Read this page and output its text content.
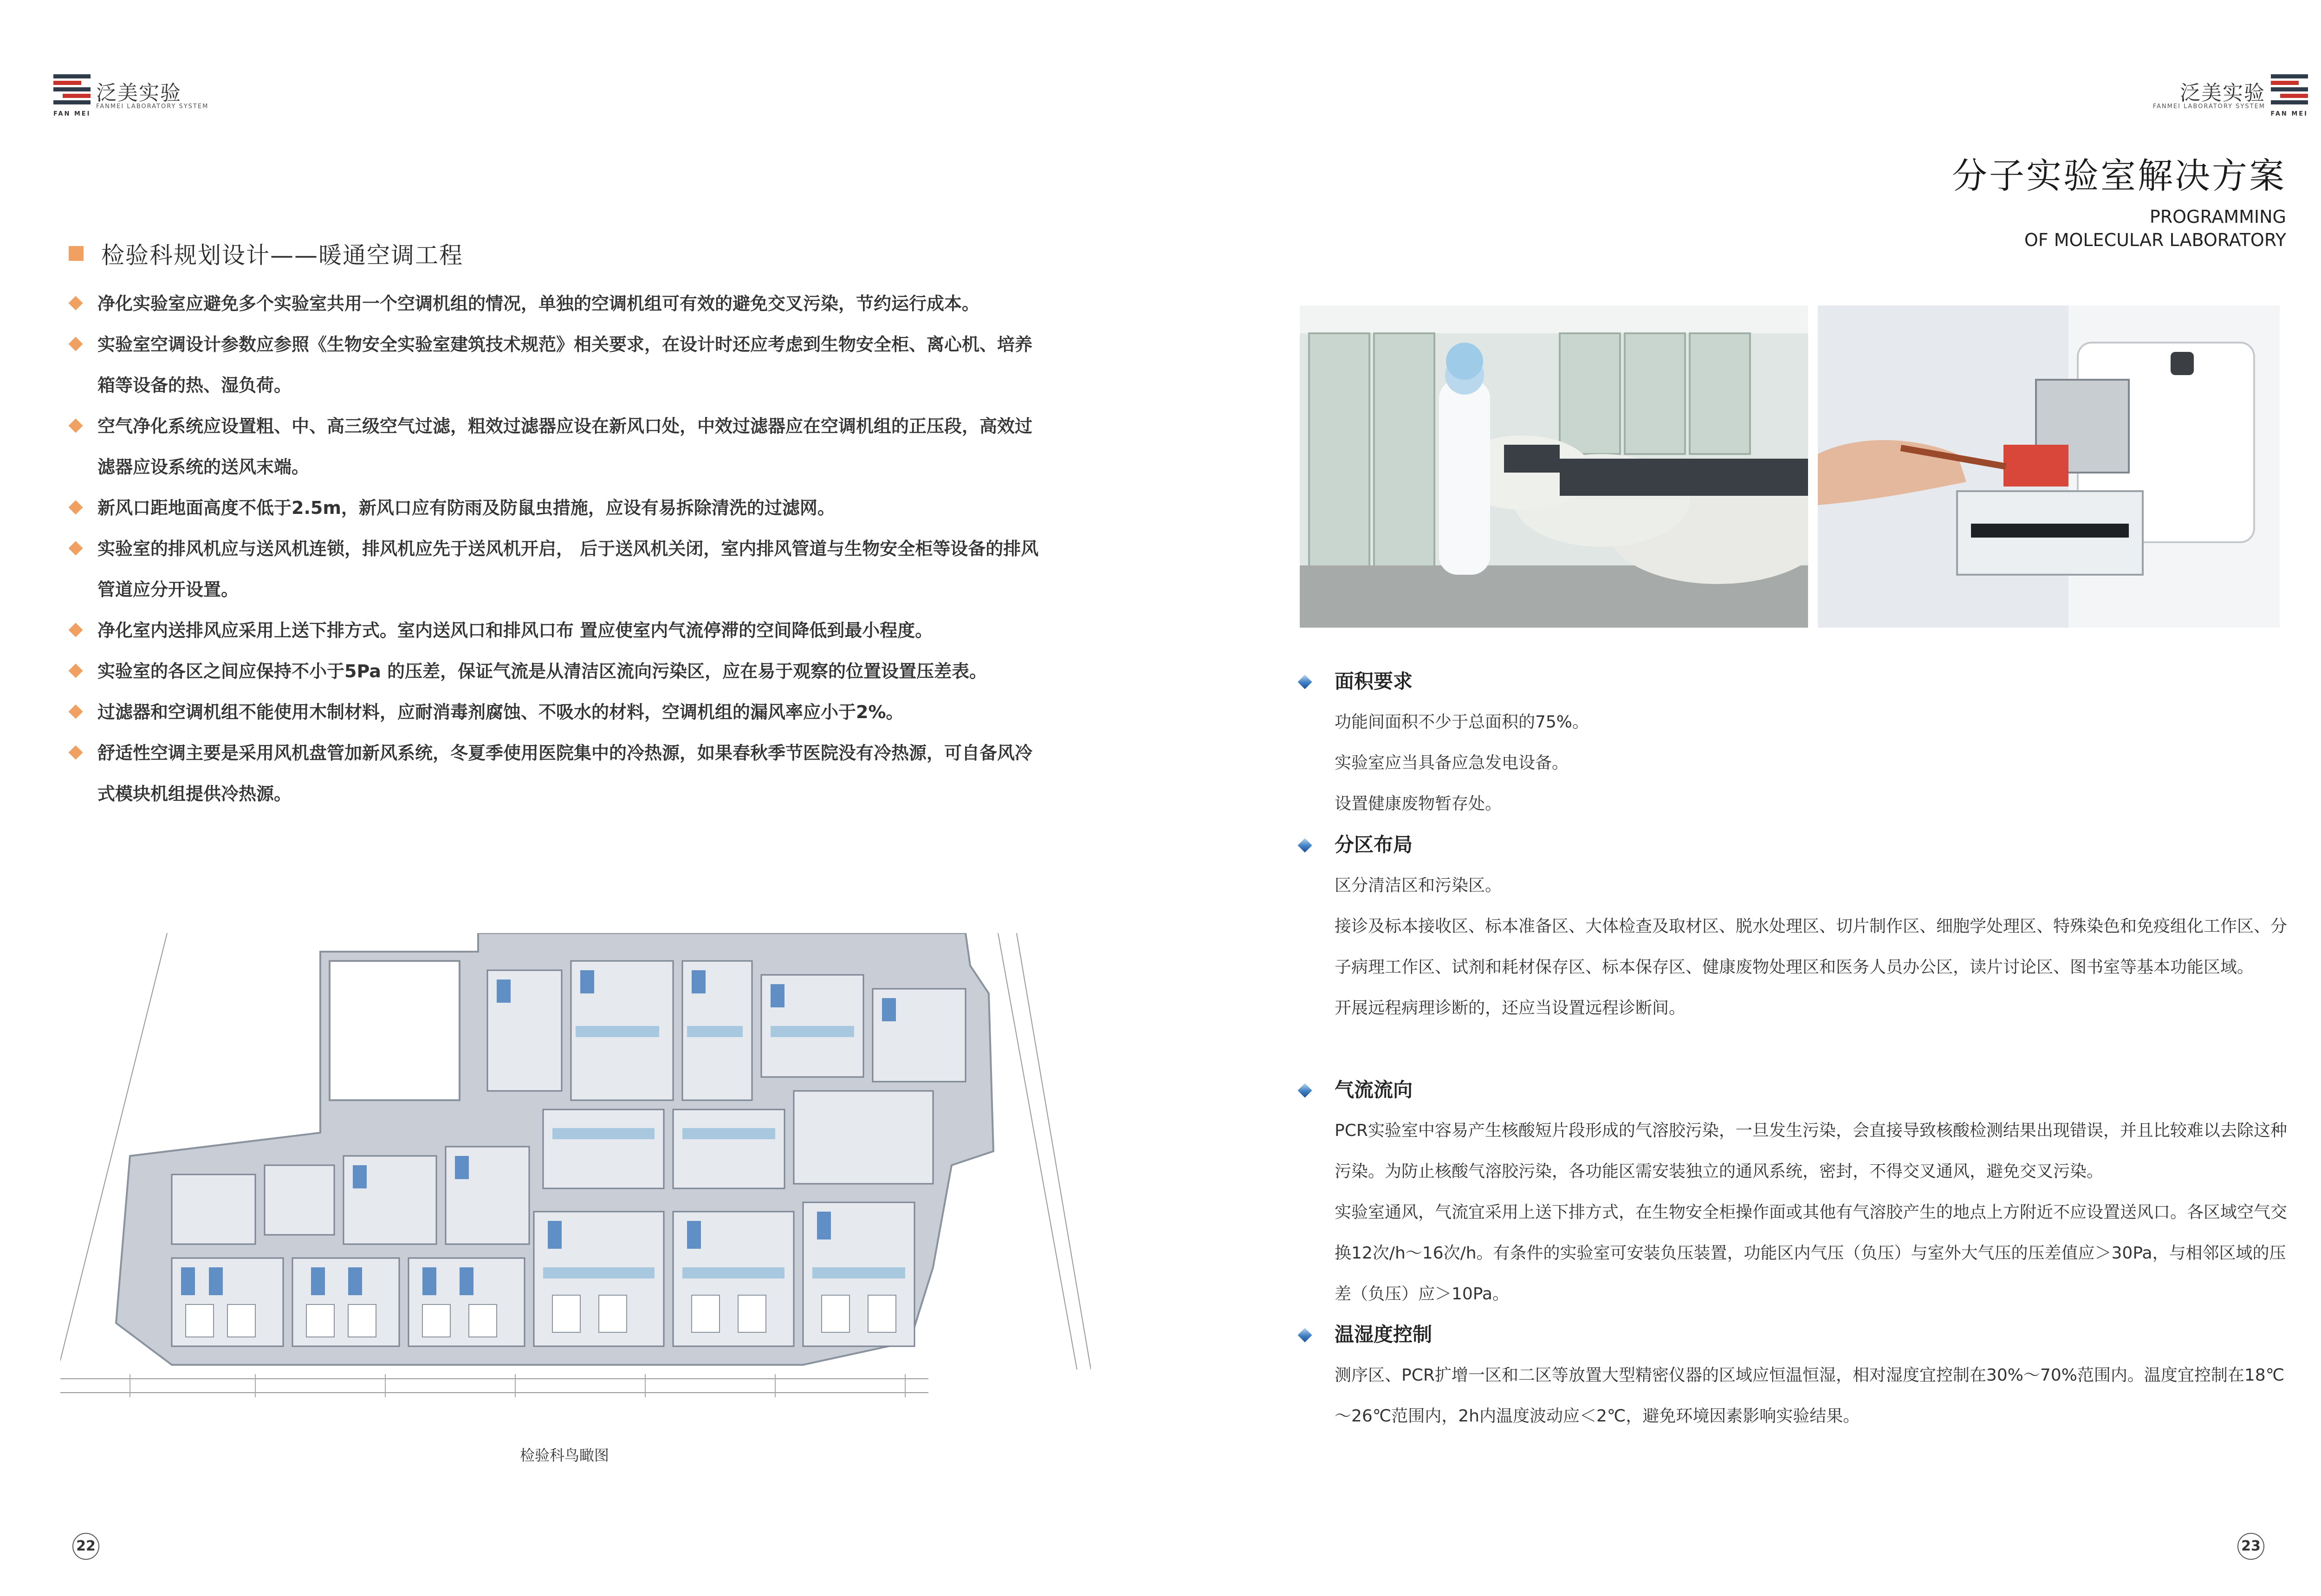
泛美实验
FANMEI LABORATORY SYSTEM
FAN MEI
检验科规划设计——暖通空调工程
净化实验室应避免多个实验室共用一个空调机组的情况，单独的空调机组可有效的避免交叉污染，节约运行成本。
实验室空调设计参数应参照《生物安全实验室建筑技术规范》相关要求，在设计时还应考虑到生物安全柜、离心机、培养箱等设备的热、湿负荷。
空气净化系统应设置粗、中、高三级空气过滤，粗效过滤器应设在新风口处，中效过滤器应在空调机组的正压段，高效过滤器应设系统的送风末端。
新风口距地面高度不低于2.5m，新风口应有防雨及防鼠虫措施，应设有易拆除清洗的过滤网。
实验室的排风机应与送风机连锁，排风机应先于送风机开启， 后于送风机关闭，室内排风管道与生物安全柜等设备的排风管道应分开设置。
净化室内送排风应采用上送下排方式。室内送风口和排风口布 置应使室内气流停滞的空间降低到最小程度。
实验室的各区之间应保持不小于5Pa 的压差，保证气流是从清洁区流向污染区，应在易于观察的位置设置压差表。
过滤器和空调机组不能使用木制材料，应耐消毒剂腐蚀、不吸水的材料，空调机组的漏风率应小于2%。
舒适性空调主要是采用风机盘管加新风系统，冬夏季使用医院集中的冷热源，如果春秋季节医院没有冷热源，可自备风冷式模块机组提供冷热源。
检验科鸟瞰图
22
泛美实验
FANMEI LABORATORY SYSTEM
FAN MEI
分子实验室解决方案
PROGRAMMING
OF MOLECULAR LABORATORY
面积要求
功能间面积不少于总面积的75%。
实验室应当具备应急发电设备。
设置健康废物暂存处。
分区布局
区分清洁区和污染区。
接诊及标本接收区、标本准备区、大体检查及取材区、脱水处理区、切片制作区、细胞学处理区、特殊染色和免疫组化工作区、分子病理工作区、试剂和耗材保存区、标本保存区、健康废物处理区和医务人员办公区，读片讨论区、图书室等基本功能区域。
开展远程病理诊断的，还应当设置远程诊断间。
气流流向
PCR实验室中容易产生核酸短片段形成的气溶胶污染，一旦发生污染，会直接导致核酸检测结果出现错误，并且比较难以去除这种污染。为防止核酸气溶胶污染，各功能区需安装独立的通风系统，密封，不得交叉通风，避免交叉污染。
实验室通风，气流宜采用上送下排方式，在生物安全柜操作面或其他有气溶胶产生的地点上方附近不应设置送风口。各区域空气交换12次/h～16次/h。有条件的实验室可安装负压装置，功能区内气压（负压）与室外大气压的压差值应＞30Pa，与相邻区域的压差（负压）应＞10Pa。
温湿度控制
测序区、PCR扩增一区和二区等放置大型精密仪器的区域应恒温恒湿，相对湿度宜控制在30%～70%范围内。温度宜控制在18℃～26℃范围内，2h内温度波动应＜2℃，避免环境因素影响实验结果。
23
